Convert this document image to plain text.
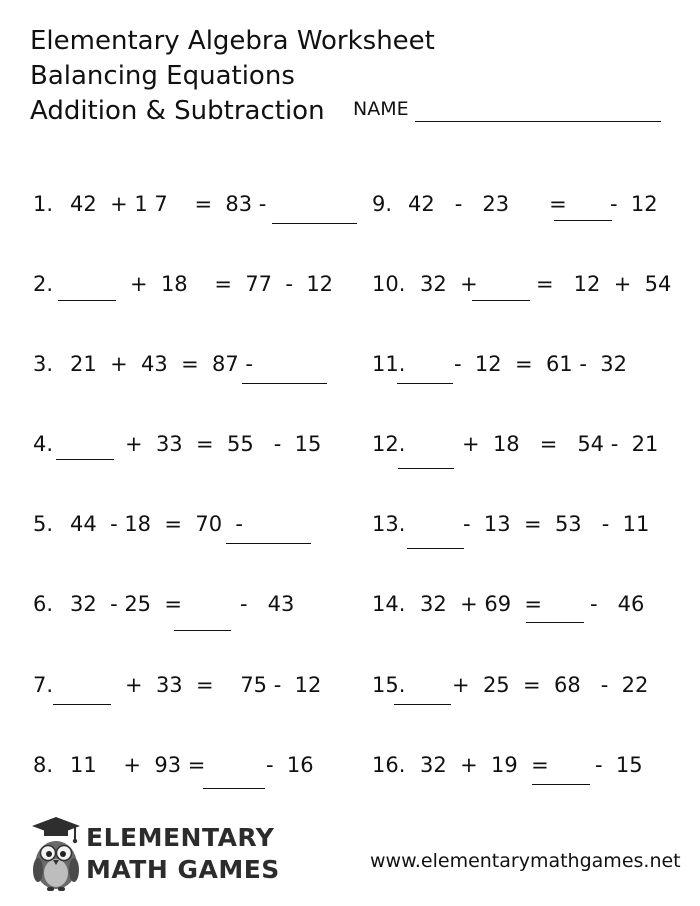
Elementary Algebra Worksheet
Balancing Equations
Addition & Subtraction NAME
1. 42  + 1 7    =  83 -
2.	+  18    =  77  -  12
3. 21  +  43  =  87 -
4.	+  33  =  55   -  15
5. 44  - 18  =  70  -
6. 32  - 25  =	-   43
7.	+  33  =    75 -  12
8. 11    +  93 =	-  16
9. 42   -   23      = -  12
10. 32  +	=   12  +  54
11. -  12  =  61 -  32
12.	+  18   =   54 -  21
13.	-  13  =  53   -  11
14. 32  + 69  = -   46
15. +  25  =  68   -  22
16. 32  +  19  = -  15
ELEMENTARY
MATH GAMES	www.elementarymathgames.net
